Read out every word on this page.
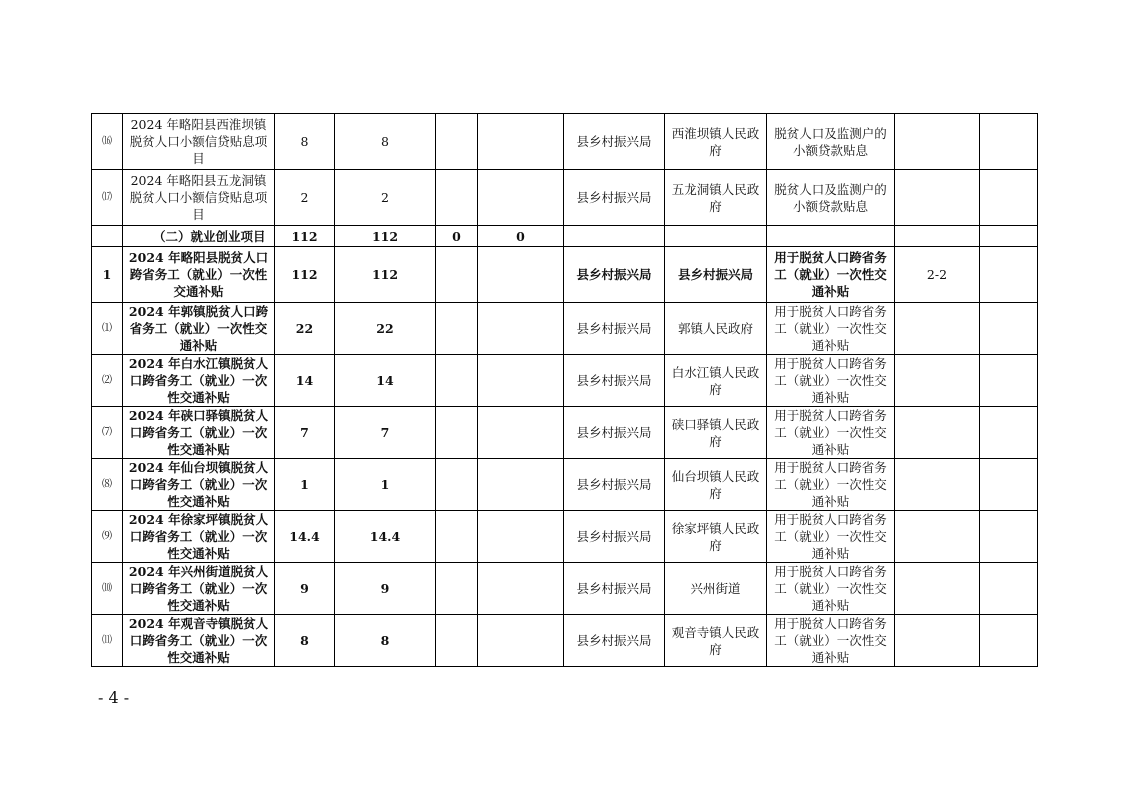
⒃	2024 年略阳县西淮坝镇脱贫人口小额信贷贴息项目	8	8			县乡村振兴局	西淮坝镇人民政府	脱贫人口及监测户的小额贷款贴息		
⒄	2024 年略阳县五龙洞镇脱贫人口小额信贷贴息项目	2	2			县乡村振兴局	五龙洞镇人民政府	脱贫人口及监测户的小额贷款贴息		
	（二）就业创业项目	112	112	0	0					
1	2024 年略阳县脱贫人口跨省务工（就业）一次性交通补贴	112	112			县乡村振兴局	县乡村振兴局	用于脱贫人口跨省务工（就业）一次性交通补贴	2-2	
⑴	2024 年郭镇脱贫人口跨省务工（就业）一次性交通补贴	22	22			县乡村振兴局	郭镇人民政府	用于脱贫人口跨省务工（就业）一次性交通补贴		
⑵	2024 年白水江镇脱贫人口跨省务工（就业）一次性交通补贴	14	14			县乡村振兴局	白水江镇人民政府	用于脱贫人口跨省务工（就业）一次性交通补贴		
⑺	2024 年硖口驿镇脱贫人口跨省务工（就业）一次性交通补贴	7	7			县乡村振兴局	硖口驿镇人民政府	用于脱贫人口跨省务工（就业）一次性交通补贴		
⑻	2024 年仙台坝镇脱贫人口跨省务工（就业）一次性交通补贴	1	1			县乡村振兴局	仙台坝镇人民政府	用于脱贫人口跨省务工（就业）一次性交通补贴		
⑼	2024 年徐家坪镇脱贫人口跨省务工（就业）一次性交通补贴	14.4	14.4			县乡村振兴局	徐家坪镇人民政府	用于脱贫人口跨省务工（就业）一次性交通补贴		
⑽	2024 年兴州街道脱贫人口跨省务工（就业）一次性交通补贴	9	9			县乡村振兴局	兴州街道	用于脱贫人口跨省务工（就业）一次性交通补贴		
⑾	2024 年观音寺镇脱贫人口跨省务工（就业）一次性交通补贴	8	8			县乡村振兴局	观音寺镇人民政府	用于脱贫人口跨省务工（就业）一次性交通补贴		
- 4 -
